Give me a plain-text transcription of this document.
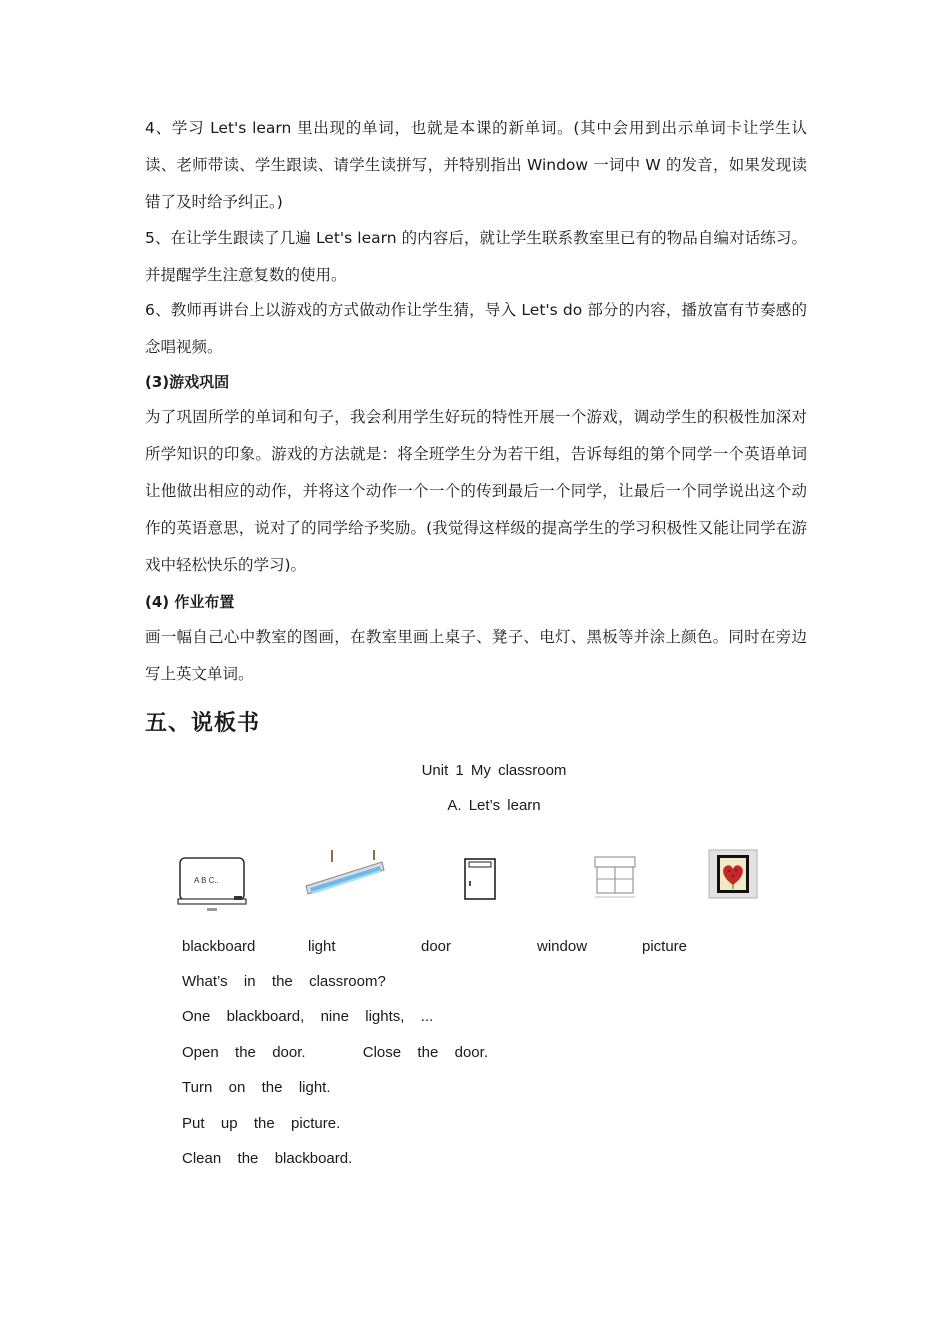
4、学习 Let's learn 里出现的单词，也就是本课的新单词。(其中会用到出示单词卡让学生认读、老师带读、学生跟读、请学生读拼写，并特别指出 Window 一词中 W 的发音，如果发现读错了及时给予纠正。)

5、在让学生跟读了几遍 Let's learn 的内容后，就让学生联系教室里已有的物品自编对话练习。并提醒学生注意复数的使用。

6、教师再讲台上以游戏的方式做动作让学生猜，导入 Let's do 部分的内容，播放富有节奏感的念唱视频。

(3)游戏巩固

为了巩固所学的单词和句子，我会利用学生好玩的特性开展一个游戏，调动学生的积极性加深对所学知识的印象。游戏的方法就是：将全班学生分为若干组，告诉每组的第个同学一个英语单词让他做出相应的动作，并将这个动作一个一个的传到最后一个同学，让最后一个同学说出这个动作的英语意思，说对了的同学给予奖励。(我觉得这样级的提高学生的学习积极性又能让同学在游戏中轻松快乐的学习)。

(4) 作业布置

画一幅自己心中教室的图画，在教室里画上桌子、凳子、电灯、黑板等并涂上颜色。同时在旁边写上英文单词。

五、说板书
Unit 1 My classroom
A. Let’s learn
A B C..
blackboard	light	door	window	picture
What’s  in  the  classroom?
One  blackboard,  nine  lights,  ...
Open  the  door.       Close  the  door.
Turn  on  the  light.
Put  up  the  picture.
Clean  the  blackboard.
